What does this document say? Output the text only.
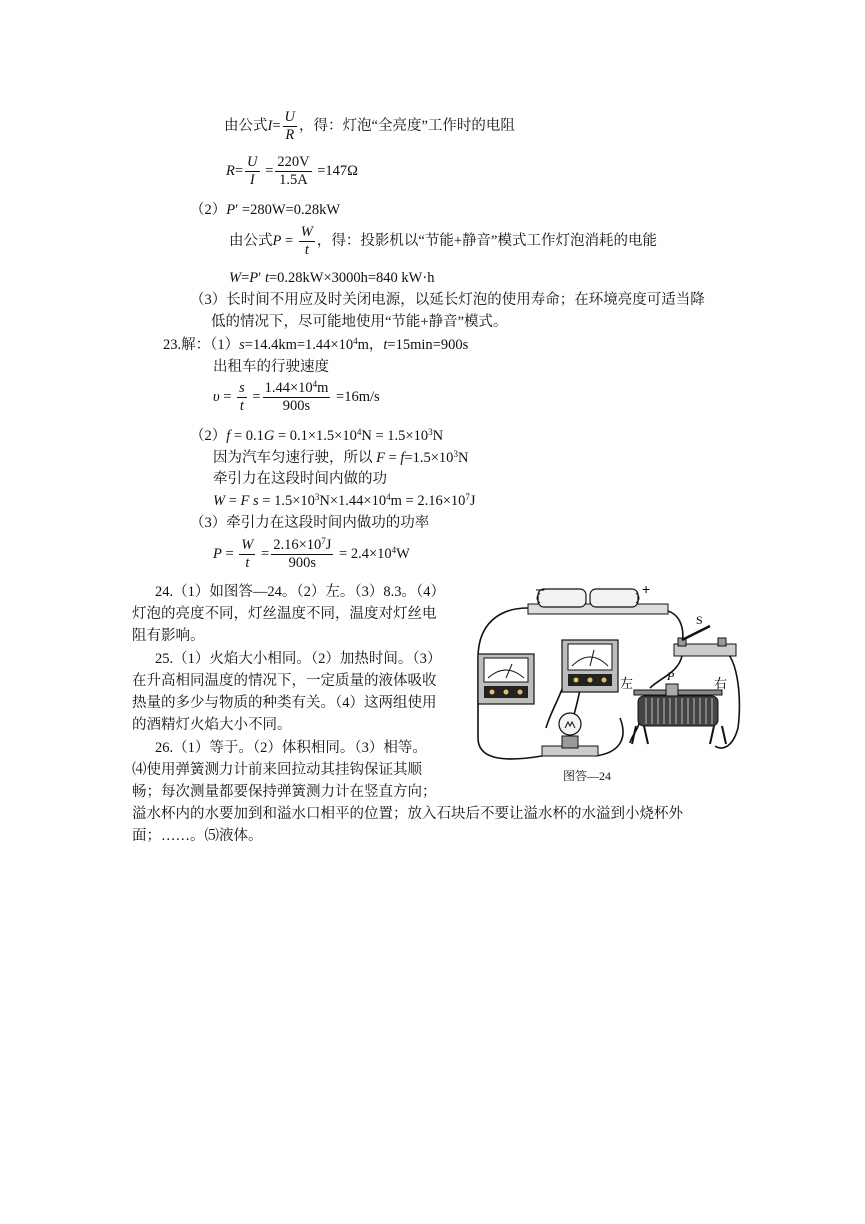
由公式$I= \frac{U}{R}$ ，得：灯泡“全亮度”工作时的电阻
$R= \frac{U}{I} = \frac{220V}{1.5A} =147\Omega$
（2）P′ =280W=0.28kW
由公式$P = \frac{W}{t}$ ，得：投影机以“节能+静音”模式工作灯泡消耗的电能
W=P′ t=0.28kW×3000h=840 kW·h
（3）长时间不用应及时关闭电源，以延长灯泡的使用寿命；在环境亮度可适当降
低的情况下，尽可能地使用“节能+静音”模式。
23.解：$(1)s=14.4km=1.44\times 10^4m$，t=15min=900s
出租车的行驶速度
$\upsilon = \frac{s}{t} = \frac{1.44\times 10^4m}{900s} =16m/s$
$(2)f = 0.1G = 0.1\times 1.5\times 10^4N = 1.5\times 10^3N$
因为汽车匀速行驶，所以 $F = f=1.5\times 10^3N$
牵引力在这段时间内做的功
W = F $s = 1.5\times 10^3N\times 1.44\times 10^4m = 2.16\times 10^7J$
（3）牵引力在这段时间内做功的功率
$P = \frac{W}{t} = \frac{2.16\times 10^7J}{900s} = 2.4\times 10^4W$
24.（1）如图答—24。（2）左。（3）8.3。（4）
灯泡的亮度不同，灯丝温度不同，温度对灯丝电
阻有影响。
25.（1）火焰大小相同。（2）加热时间。（3）
在升高相同温度的情况下，一定质量的液体吸收
热量的多少与物质的种类有关。（4）这两组使用
的酒精灯火焰大小不同。
26.（1）等于。（2）体积相同。（3）相等。
⑷使用弹簧测力计前来回拉动其挂钩保证其顺
畅；每次测量都要保持弹簧测力计在竖直方向；
溢水杯内的水要加到和溢水口相平的位置；放入石块后不要让溢水杯的水溢到小烧杯外
面；……。⑸液体。
–	+
S
左	P	右
图答—24
